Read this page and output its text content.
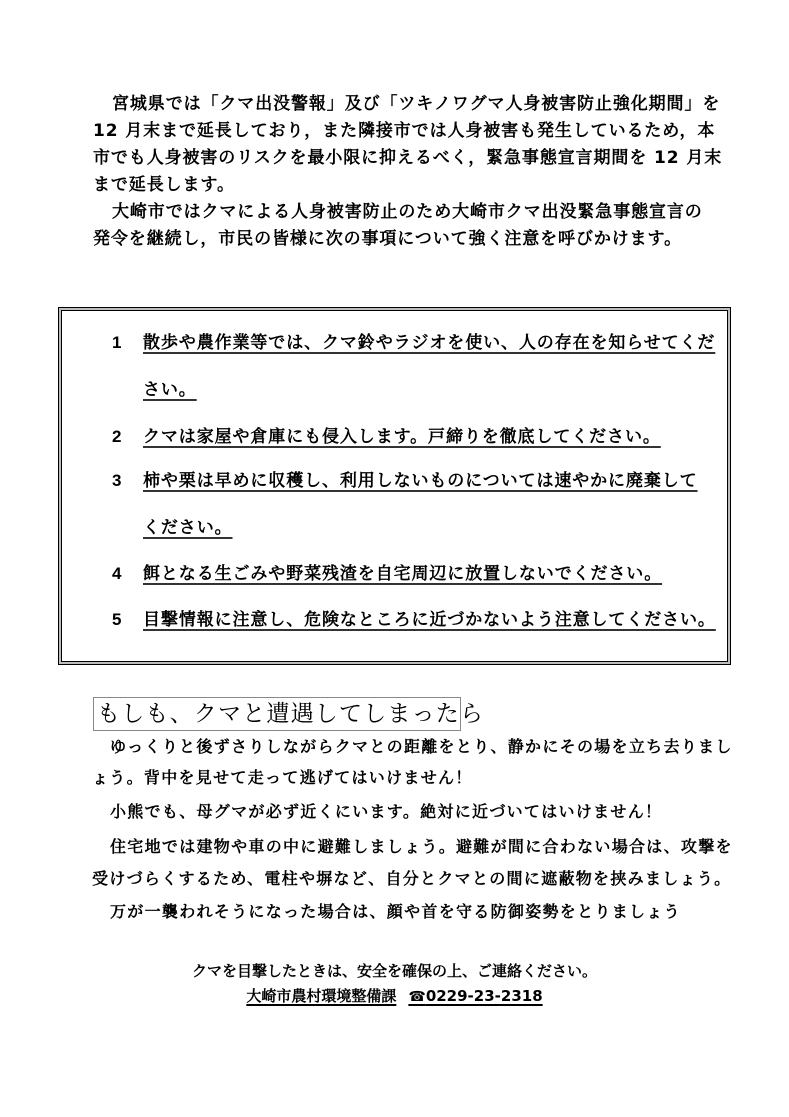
宮城県では「クマ出没警報」及び「ツキノワグマ人身被害防止強化期間」を
12 月末まで延長しており，また隣接市では人身被害も発生しているため，本
市でも人身被害のリスクを最小限に抑えるべく，緊急事態宣言期間を 12 月末
まで延長します。
大崎市ではクマによる人身被害防止のため大崎市クマ出没緊急事態宣言の
発令を継続し，市民の皆様に次の事項について強く注意を呼びかけます。
1 散歩や農作業等では、クマ鈴やラジオを使い、人の存在を知らせてくだ
さい。
2 クマは家屋や倉庫にも侵入します。戸締りを徹底してください。
3 柿や栗は早めに収穫し、利用しないものについては速やかに廃棄して
ください。
4 餌となる生ごみや野菜残渣を自宅周辺に放置しないでください。
5 目撃情報に注意し、危険なところに近づかないよう注意してください。
もしも、クマと遭遇してしまったら
ゆっくりと後ずさりしながらクマとの距離をとり、静かにその場を立ち去りまし
ょう。背中を見せて走って逃げてはいけません！
小熊でも、母グマが必ず近くにいます。絶対に近づいてはいけません！
住宅地では建物や車の中に避難しましょう。避難が間に合わない場合は、攻撃を
受けづらくするため、電柱や塀など、自分とクマとの間に遮蔽物を挟みましょう。
万が一襲われそうになった場合は、顔や首を守る防御姿勢をとりましょう
クマを目撃したときは、安全を確保の上、ご連絡ください。
大崎市農村環境整備課 ☎0229-23-2318
